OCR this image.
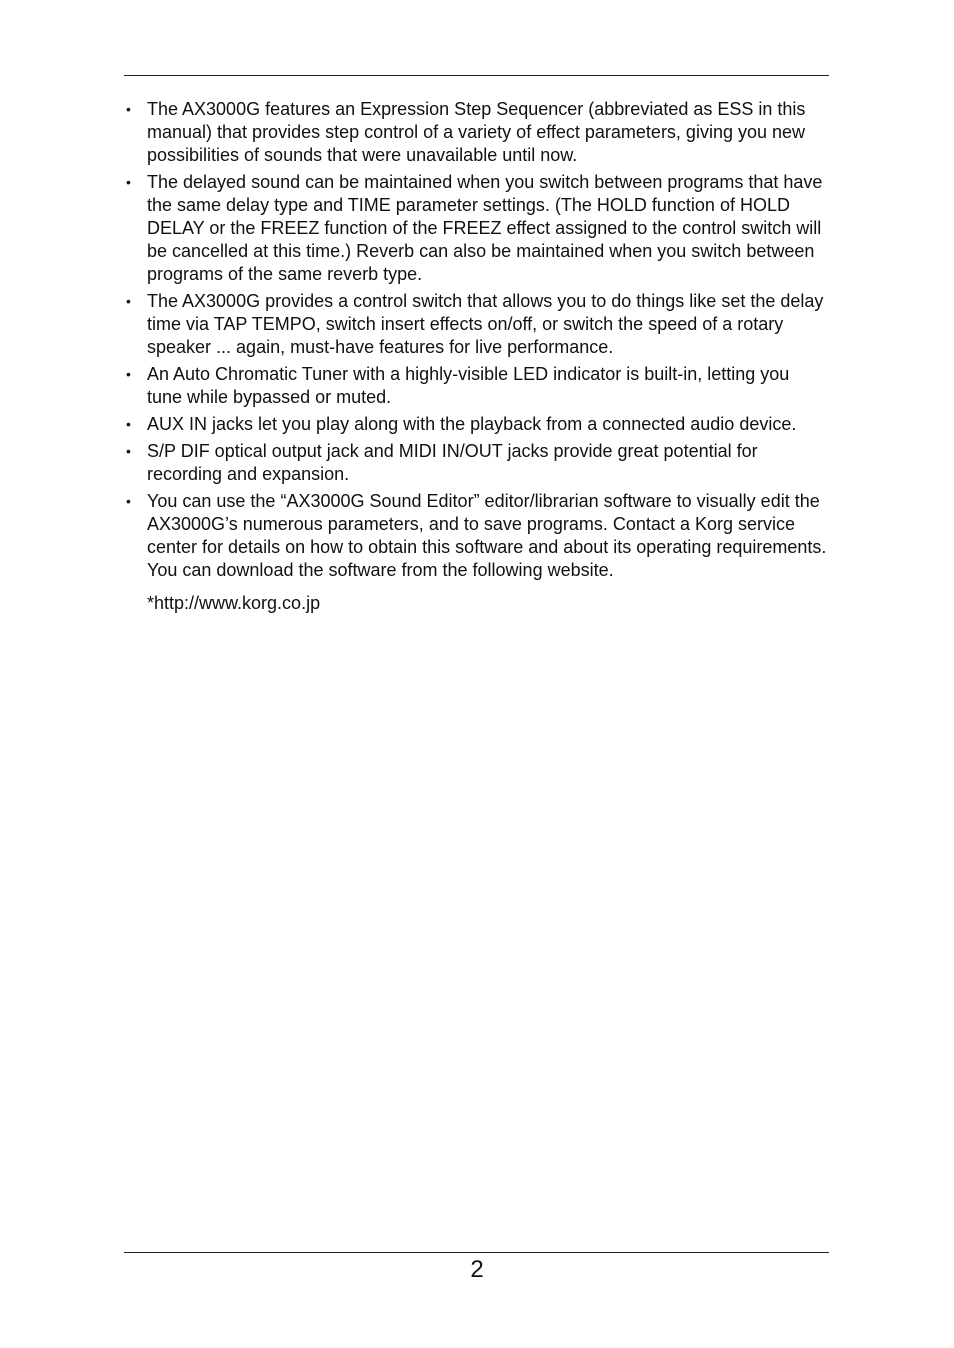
• The AX3000G features an Expression Step Sequencer (abbreviated as ESS in this manual) that provides step control of a variety of effect parameters, giving you new possibilities of sounds that were unavailable until now.
• The delayed sound can be maintained when you switch between programs that have the same delay type and TIME parameter settings. (The HOLD function of HOLD DELAY or the FREEZ function of the FREEZ effect assigned to the control switch will be cancelled at this time.) Reverb can also be maintained when you switch between programs of the same reverb type.
• The AX3000G provides a control switch that allows you to do things like set the delay time via TAP TEMPO, switch insert effects on/off, or switch the speed of a rotary speaker ... again, must-have features for live performance.
• An Auto Chromatic Tuner with a highly-visible LED indicator is built-in, letting you tune while bypassed or muted.
• AUX IN jacks let you play along with the playback from a connected audio device.
• S/P DIF optical output jack and MIDI IN/OUT jacks provide great potential for recording and expansion.
• You can use the “AX3000G Sound Editor” editor/librarian software to visually edit the AX3000G’s numerous parameters, and to save programs. Contact a Korg service center for details on how to obtain this software and about its operating requirements. You can download the software from the following website.

*http://www.korg.co.jp

2
